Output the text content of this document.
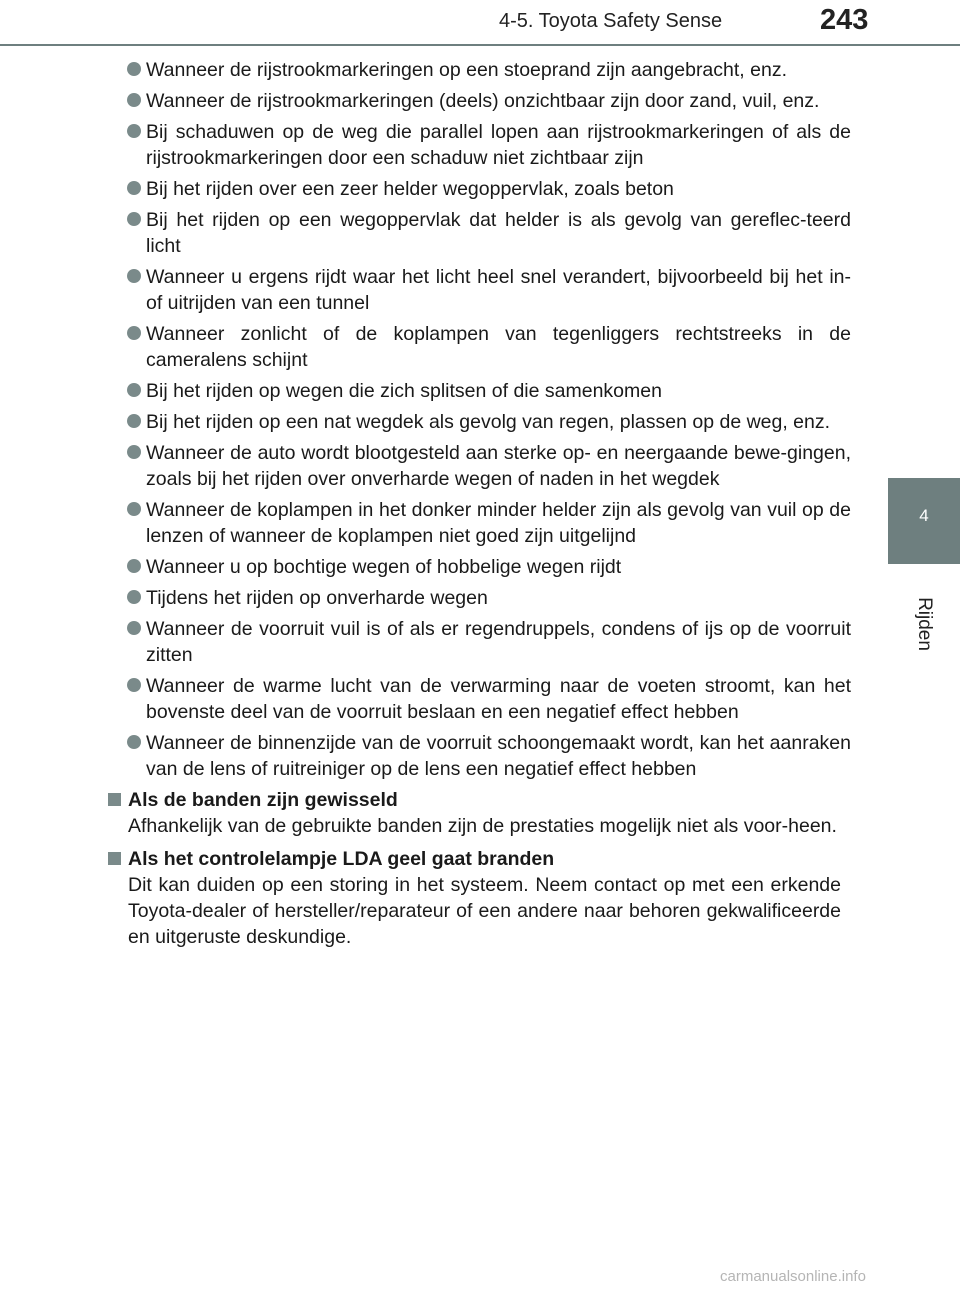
4-5. Toyota Safety Sense	243
4
Rijden
Wanneer de rijstrookmarkeringen op een stoeprand zijn aangebracht, enz.
Wanneer de rijstrookmarkeringen (deels) onzichtbaar zijn door zand, vuil, enz.
Bij schaduwen op de weg die parallel lopen aan rijstrookmarkeringen of als de rijstrookmarkeringen door een schaduw niet zichtbaar zijn
Bij het rijden over een zeer helder wegoppervlak, zoals beton
Bij het rijden op een wegoppervlak dat helder is als gevolg van gereflec-teerd licht
Wanneer u ergens rijdt waar het licht heel snel verandert, bijvoorbeeld bij het in- of uitrijden van een tunnel
Wanneer zonlicht of de koplampen van tegenliggers rechtstreeks in de cameralens schijnt
Bij het rijden op wegen die zich splitsen of die samenkomen
Bij het rijden op een nat wegdek als gevolg van regen, plassen op de weg, enz.
Wanneer de auto wordt blootgesteld aan sterke op- en neergaande bewe-gingen, zoals bij het rijden over onverharde wegen of naden in het wegdek
Wanneer de koplampen in het donker minder helder zijn als gevolg van vuil op de lenzen of wanneer de koplampen niet goed zijn uitgelijnd
Wanneer u op bochtige wegen of hobbelige wegen rijdt
Tijdens het rijden op onverharde wegen
Wanneer de voorruit vuil is of als er regendruppels, condens of ijs op de voorruit zitten
Wanneer de warme lucht van de verwarming naar de voeten stroomt, kan het bovenste deel van de voorruit beslaan en een negatief effect hebben
Wanneer de binnenzijde van de voorruit schoongemaakt wordt, kan het aanraken van de lens of ruitreiniger op de lens een negatief effect hebben
Als de banden zijn gewisseld
Afhankelijk van de gebruikte banden zijn de prestaties mogelijk niet als voor-heen.
Als het controlelampje LDA geel gaat branden
Dit kan duiden op een storing in het systeem. Neem contact op met een erkende Toyota-dealer of hersteller/reparateur of een andere naar behoren gekwalificeerde en uitgeruste deskundige.
carmanualsonline.info
